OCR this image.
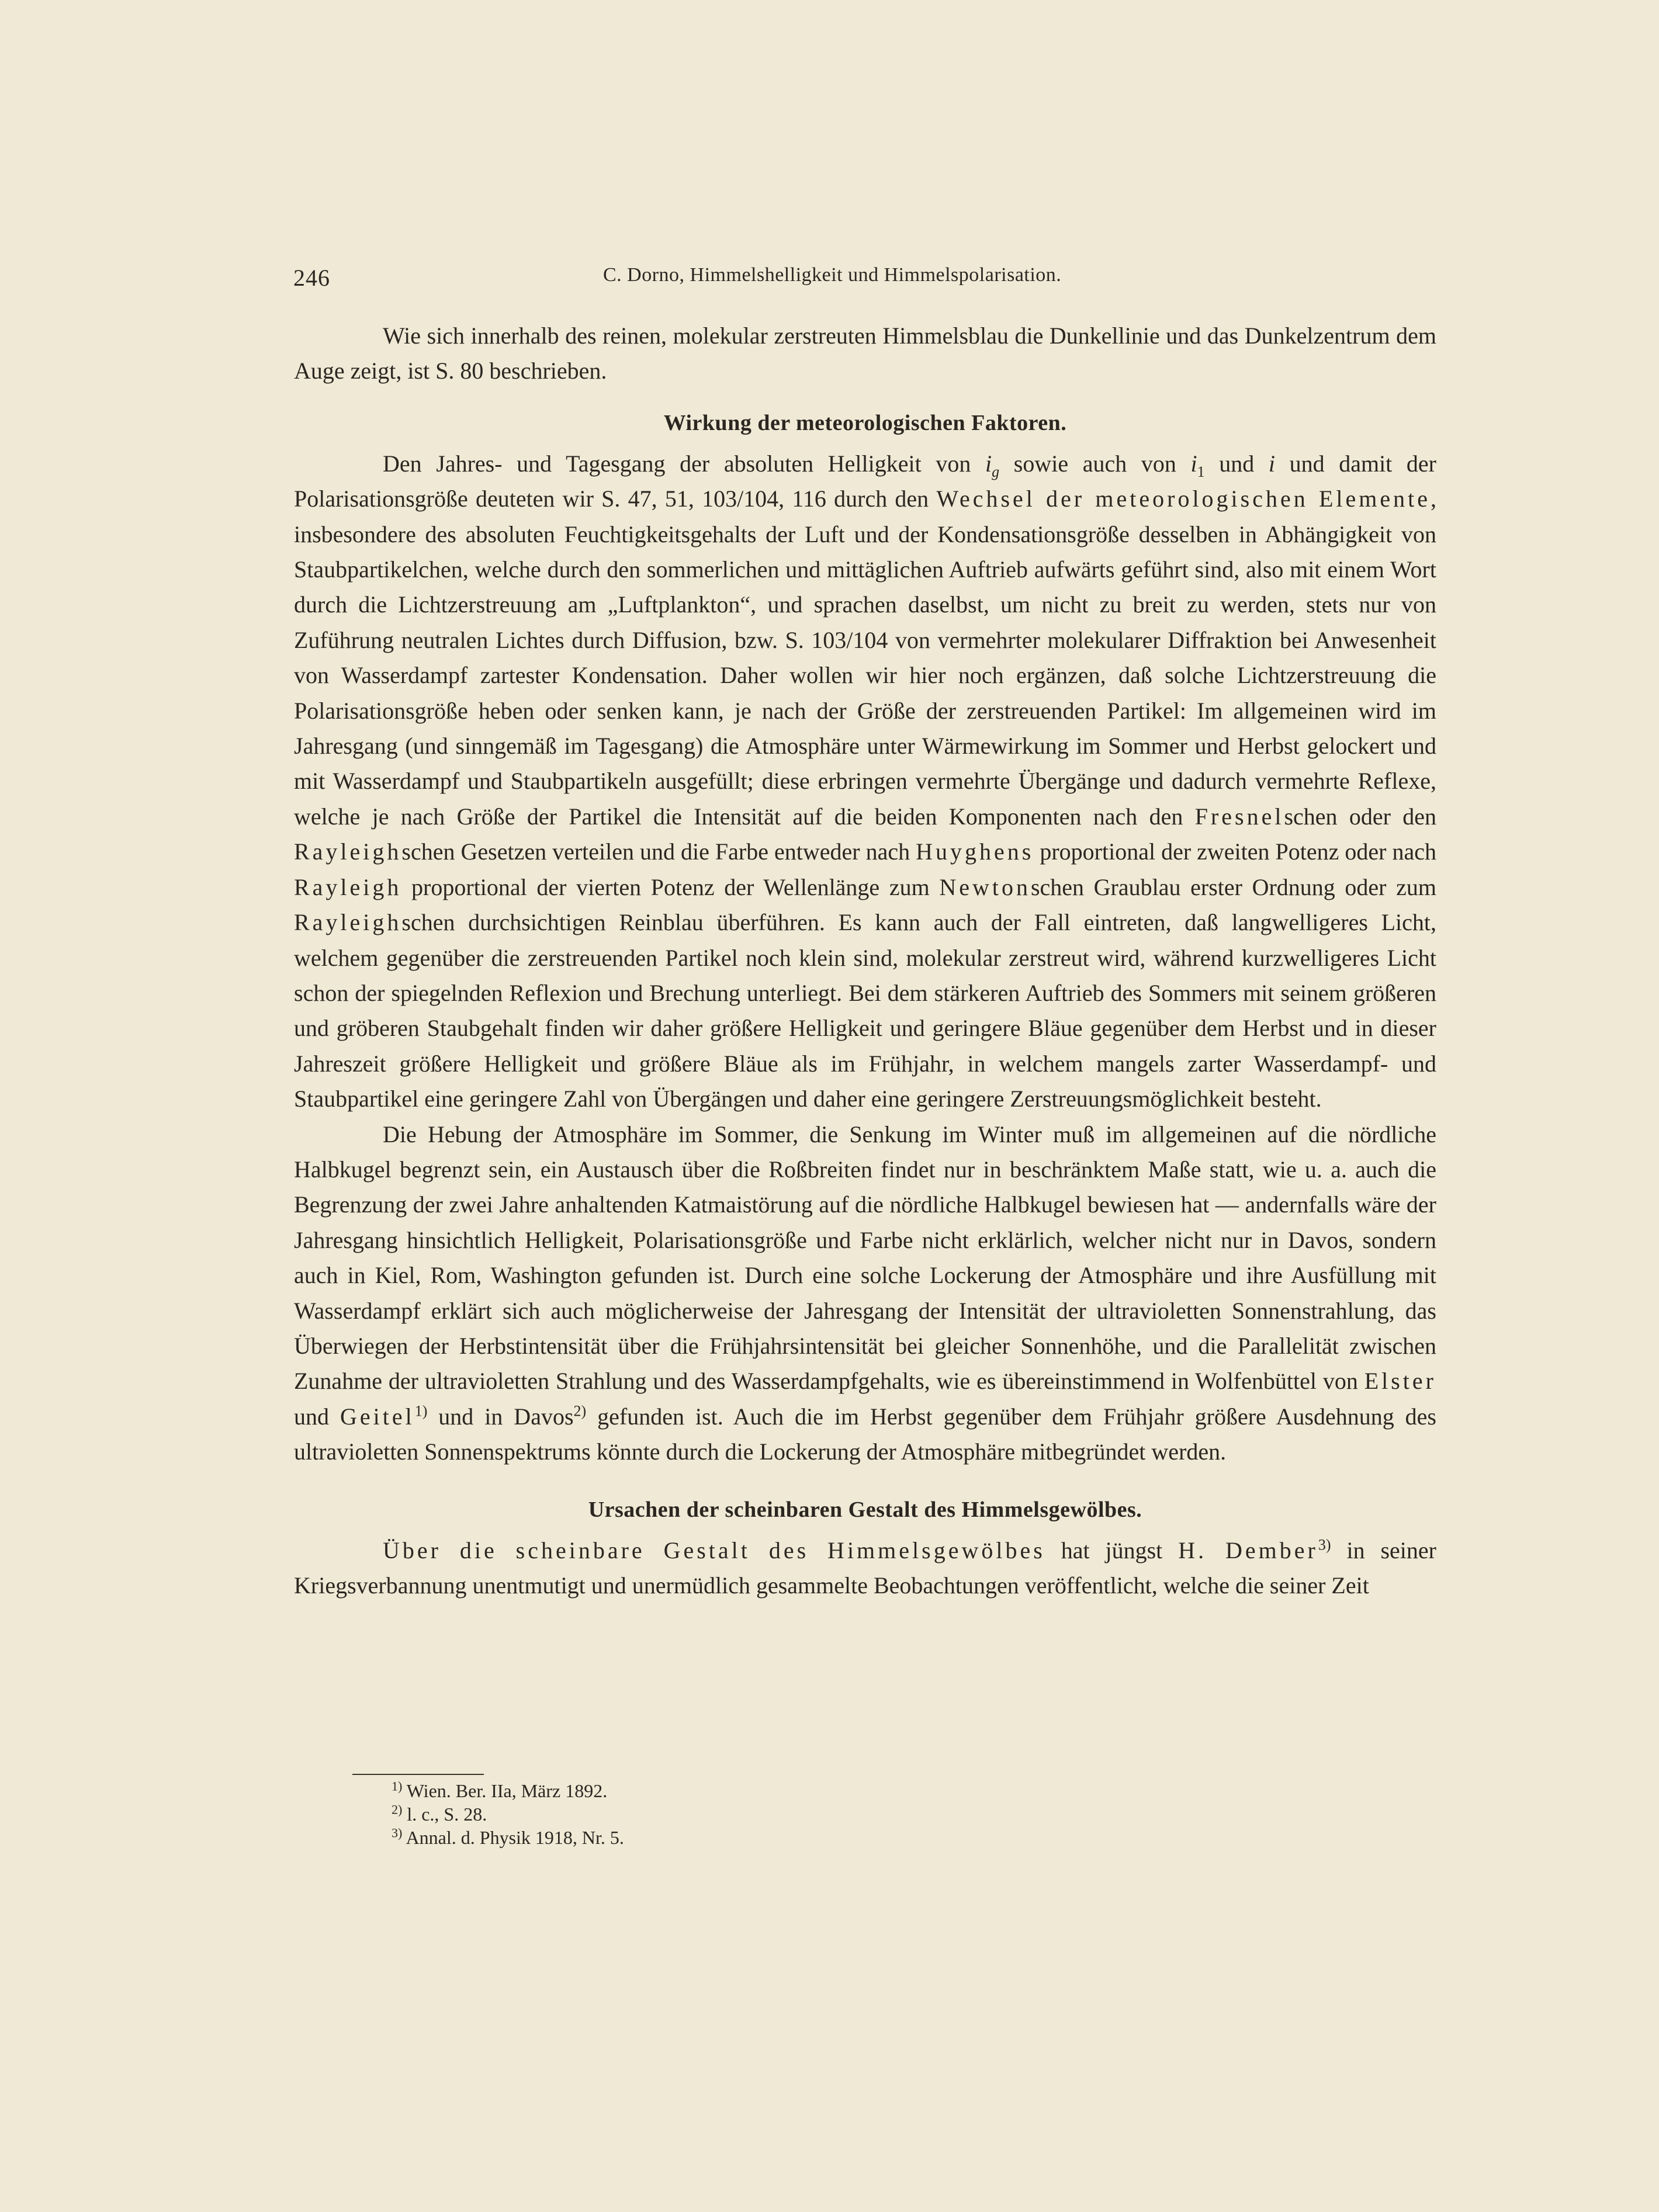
246	C. Dorno, Himmelshelligkeit und Himmelspolarisation.

Wie sich innerhalb des reinen, molekular zerstreuten Himmelsblau die Dunkellinie und das Dunkelzentrum dem Auge zeigt, ist S. 80 beschrieben.

Wirkung der meteorologischen Faktoren.

Den Jahres- und Tagesgang der absoluten Helligkeit von $i_g$ sowie auch von $i_1$ und i und damit der Polarisationsgröße deuteten wir S. 47, 51, 103/104, 116 durch den Wechsel der meteorologischen Elemente, insbesondere des absoluten Feuchtigkeitsgehalts der Luft und der Kondensationsgröße desselben in Abhängigkeit von Staubpartikelchen, welche durch den sommerlichen und mittäglichen Auftrieb aufwärts geführt sind, also mit einem Wort durch die Lichtzerstreuung am „Luftplankton“, und sprachen daselbst, um nicht zu breit zu werden, stets nur von Zuführung neutralen Lichtes durch Diffusion, bzw. S. 103/104 von vermehrter molekularer Diffraktion bei Anwesenheit von Wasserdampf zartester Kondensation. Daher wollen wir hier noch ergänzen, daß solche Lichtzerstreuung die Polarisationsgröße heben oder senken kann, je nach der Größe der zerstreuenden Partikel: Im allgemeinen wird im Jahresgang (und sinngemäß im Tagesgang) die Atmosphäre unter Wärmewirkung im Sommer und Herbst gelockert und mit Wasserdampf und Staubpartikeln ausgefüllt; diese erbringen vermehrte Übergänge und dadurch vermehrte Reflexe, welche je nach Größe der Partikel die Intensität auf die beiden Komponenten nach den Fresnelschen oder den Rayleighschen Gesetzen verteilen und die Farbe entweder nach Huyghens proportional der zweiten Potenz oder nach Rayleigh proportional der vierten Potenz der Wellenlänge zum Newtonschen Graublau erster Ordnung oder zum Rayleighschen durchsichtigen Reinblau überführen. Es kann auch der Fall eintreten, daß langwelligeres Licht, welchem gegenüber die zerstreuenden Partikel noch klein sind, molekular zerstreut wird, während kurzwelligeres Licht schon der spiegelnden Reflexion und Brechung unterliegt. Bei dem stärkeren Auftrieb des Sommers mit seinem größeren und gröberen Staubgehalt finden wir daher größere Helligkeit und geringere Bläue gegenüber dem Herbst und in dieser Jahreszeit größere Helligkeit und größere Bläue als im Frühjahr, in welchem mangels zarter Wasserdampf- und Staubpartikel eine geringere Zahl von Übergängen und daher eine geringere Zerstreuungsmöglichkeit besteht.

Die Hebung der Atmosphäre im Sommer, die Senkung im Winter muß im allgemeinen auf die nördliche Halbkugel begrenzt sein, ein Austausch über die Roßbreiten findet nur in beschränktem Maße statt, wie u. a. auch die Begrenzung der zwei Jahre anhaltenden Katmaistörung auf die nördliche Halbkugel bewiesen hat — andernfalls wäre der Jahresgang hinsichtlich Helligkeit, Polarisationsgröße und Farbe nicht erklärlich, welcher nicht nur in Davos, sondern auch in Kiel, Rom, Washington gefunden ist. Durch eine solche Lockerung der Atmosphäre und ihre Ausfüllung mit Wasserdampf erklärt sich auch möglicherweise der Jahresgang der Intensität der ultravioletten Sonnenstrahlung, das Überwiegen der Herbstintensität über die Frühjahrsintensität bei gleicher Sonnenhöhe, und die Parallelität zwischen Zunahme der ultravioletten Strahlung und des Wasserdampfgehalts, wie es übereinstimmend in Wolfenbüttel von Elster und Geitel$^{1)}$ und in Davos$^{2)}$ gefunden ist. Auch die im Herbst gegenüber dem Frühjahr größere Ausdehnung des ultravioletten Sonnenspektrums könnte durch die Lockerung der Atmosphäre mitbegründet werden.

Ursachen der scheinbaren Gestalt des Himmelsgewölbes.

Über die scheinbare Gestalt des Himmelsgewölbes hat jüngst H. Dember$^{3)}$ in seiner Kriegsverbannung unentmutigt und unermüdlich gesammelte Beobachtungen veröffentlicht, welche die seiner Zeit

$^{1)}$ Wien. Ber. IIa, März 1892.
$^{2)}$ l. c., S. 28.
$^{3)}$ Annal. d. Physik 1918, Nr. 5.
